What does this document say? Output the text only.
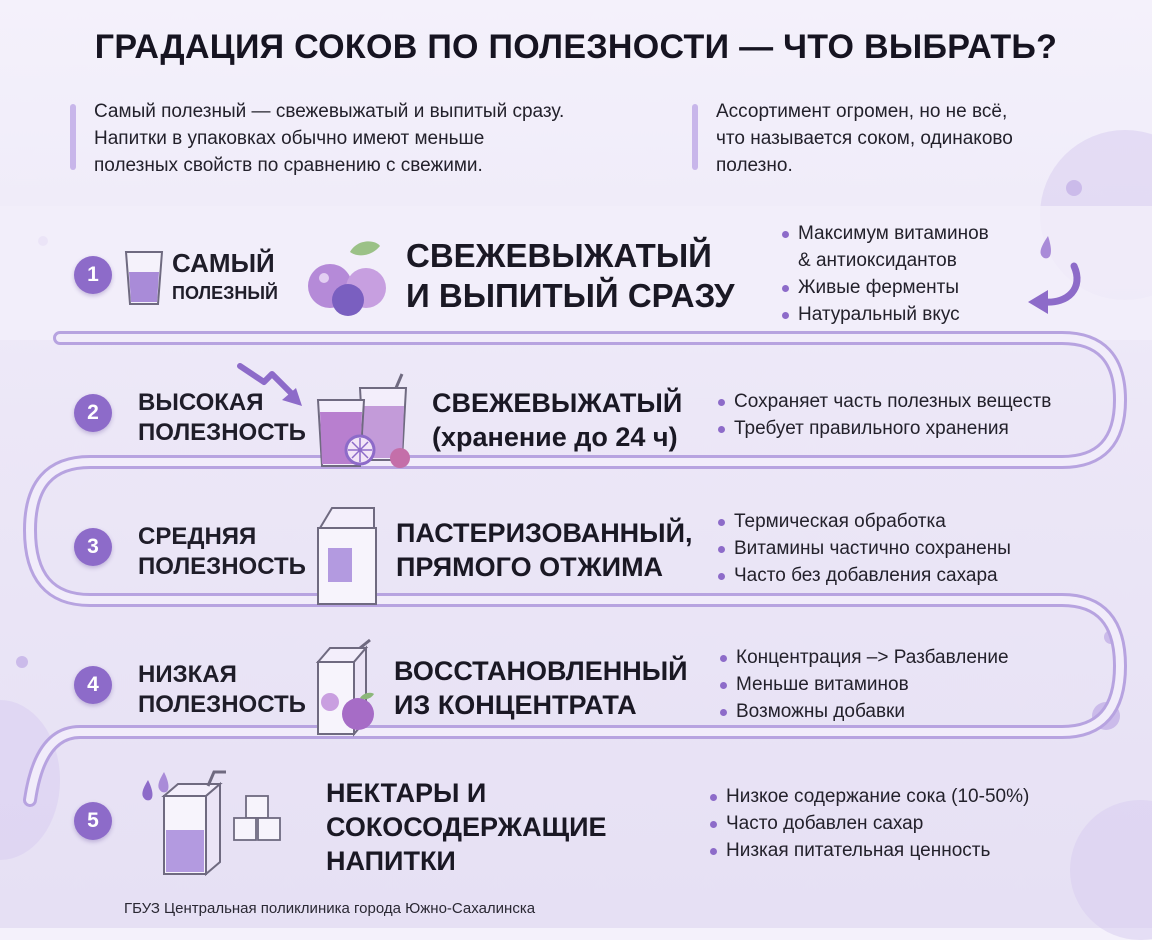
ГРАДАЦИЯ СОКОВ ПО ПОЛЕЗНОСТИ — ЧТО ВЫБРАТЬ?
Самый полезный — свежевыжатый и выпитый сразу.
Напитки в упаковках обычно имеют меньше
полезных свойств по сравнению с свежими.
Ассортимент огромен, но не всё,
что называется соком, одинаково
полезно.
1	САМЫЙ
ПОЛЕЗНЫЙ
СВЕЖЕВЫЖАТЫЙ
И ВЫПИТЫЙ СРАЗУ
Максимум витаминов
& антиоксидантов
Живые ферменты
Натуральный вкус
2	ВЫСОКАЯ
ПОЛЕЗНОСТЬ
СВЕЖЕВЫЖАТЫЙ
(хранение до 24 ч)
Сохраняет часть полезных веществ
Требует правильного хранения
3	СРЕДНЯЯ
ПОЛЕЗНОСТЬ
ПАСТЕРИЗОВАННЫЙ,
ПРЯМОГО ОТЖИМА
Термическая обработка
Витамины частично сохранены
Часто без добавления сахара
4	НИЗКАЯ
ПОЛЕЗНОСТЬ
ВОССТАНОВЛЕННЫЙ
ИЗ КОНЦЕНТРАТА
Концентрация –> Разбавление
Меньше витаминов
Возможны добавки
5
НЕКТАРЫ И
СОКОСОДЕРЖАЩИЕ
НАПИТКИ
Низкое содержание сока (10-50%)
Часто добавлен сахар
Низкая питательная ценность
ГБУЗ Центральная поликлиника города Южно-Сахалинска
